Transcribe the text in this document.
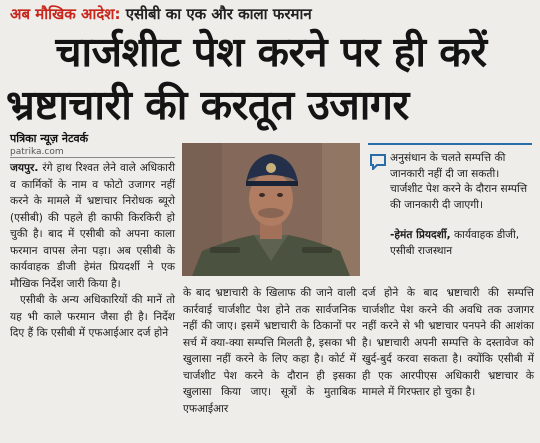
अब मौखिक आदेश: एसीबी का एक और काला फरमान
चार्जशीट पेश करने पर ही करें
भ्रष्टाचारी की करतूत उजागर
पत्रिका न्यूज़ नेटवर्क
patrika.com

जयपुर. रंगे हाथ रिश्वत लेने वाले अधिकारी व कार्मिकों के नाम व फोटो उजागर नहीं करने के मामले में भ्रष्टाचार निरोधक ब्यूरो (एसीबी) की पहले ही काफी किरकिरी हो चुकी है। बाद में एसीबी को अपना काला फरमान वापस लेना पड़ा। अब एसीबी के कार्यवाहक डीजी हेमंत प्रियदर्शी ने एक मौखिक निर्देश जारी किया है।

एसीबी के अन्य अधिकारियों की मानें तो यह भी काले फरमान जैसा ही है। निर्देश दिए हैं कि एसीबी में एफआईआर दर्ज होने

अनुसंधान के चलते सम्पत्ति की जानकारी नहीं दी जा सकती। चार्जशीट पेश करने के दौरान सम्पत्ति की जानकारी दी जाएगी।
-हेमंत प्रियदर्शी, कार्यवाहक डीजी, एसीबी राजस्थान
के बाद भ्रष्टाचारी के खिलाफ की जाने वाली कार्रवाई चार्जशीट पेश होने तक सार्वजनिक नहीं की जाए। इसमें भ्रष्टाचारी के ठिकानों पर सर्च में क्या-क्या सम्पत्ति मिलती है, इसका भी खुलासा नहीं करने के लिए कहा है। कोर्ट में चार्जशीट पेश करने के दौरान ही इसका खुलासा किया जाए। सूत्रों के मुताबिक एफआईआर
दर्ज होने के बाद भ्रष्टाचारी की सम्पत्ति चार्जशीट पेश करने की अवधि तक उजागर नहीं करने से भी भ्रष्टाचार पनपने की आशंका है। भ्रष्टाचारी अपनी सम्पत्ति के दस्तावेज को खुर्द-बुर्द करवा सकता है। क्योंकि एसीबी में ही एक आरपीएस अधिकारी भ्रष्टाचार के मामले में गिरफ्तार हो चुका है।
